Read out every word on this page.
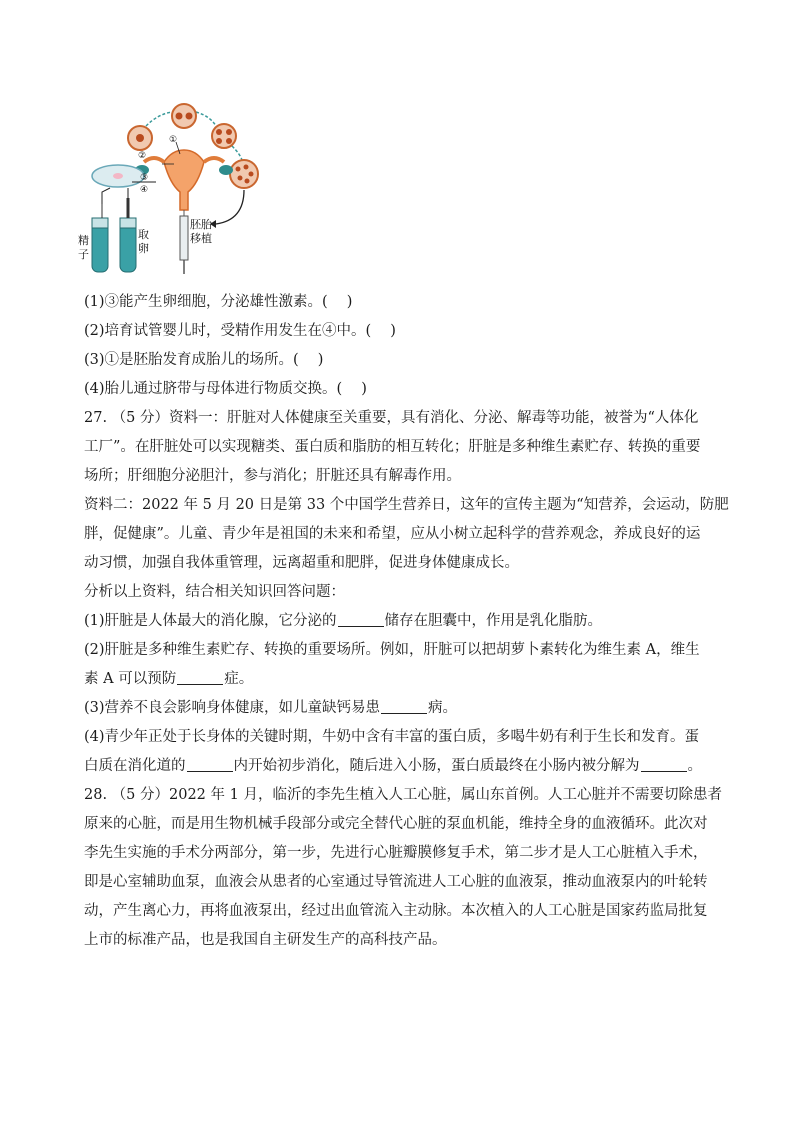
①
②
③
④
精
子
取
卵
胚胎
移植

(1)③能产生卵细胞，分泌雄性激素。(　 )

(2)培育试管婴儿时，受精作用发生在④中。(　 )

(3)①是胚胎发育成胎儿的场所。(　 )

(4)胎儿通过脐带与母体进行物质交换。(　 )

27. （5 分）资料一：肝脏对人体健康至关重要，具有消化、分泌、解毒等功能，被誉为“人体化

工厂”。在肝脏处可以实现糖类、蛋白质和脂肪的相互转化；肝脏是多种维生素贮存、转换的重要

场所；肝细胞分泌胆汁，参与消化；肝脏还具有解毒作用。

资料二：2022 年 5 月 20 日是第 33 个中国学生营养日，这年的宣传主题为“知营养，会运动，防肥

胖，促健康”。儿童、青少年是祖国的未来和希望，应从小树立起科学的营养观念，养成良好的运

动习惯，加强自我体重管理，远离超重和肥胖，促进身体健康成长。

分析以上资料，结合相关知识回答问题：

(1)肝脏是人体最大的消化腺，它分泌的	储存在胆囊中，作用是乳化脂肪。

(2)肝脏是多种维生素贮存、转换的重要场所。例如，肝脏可以把胡萝卜素转化为维生素 A，维生

素 A 可以预防	症。

(3)营养不良会影响身体健康，如儿童缺钙易患	病。

(4)青少年正处于长身体的关键时期，牛奶中含有丰富的蛋白质，多喝牛奶有利于生长和发育。蛋

白质在消化道的	内开始初步消化，随后进入小肠，蛋白质最终在小肠内被分解为	。

28. （5 分）2022 年 1 月，临沂的李先生植入人工心脏，属山东首例。人工心脏并不需要切除患者

原来的心脏，而是用生物机械手段部分或完全替代心脏的泵血机能，维持全身的血液循环。此次对

李先生实施的手术分两部分，第一步，先进行心脏瓣膜修复手术，第二步才是人工心脏植入手术，

即是心室辅助血泵，血液会从患者的心室通过导管流进人工心脏的血液泵，推动血液泵内的叶轮转

动，产生离心力，再将血液泵出，经过出血管流入主动脉。本次植入的人工心脏是国家药监局批复

上市的标准产品，也是我国自主研发生产的高科技产品。
